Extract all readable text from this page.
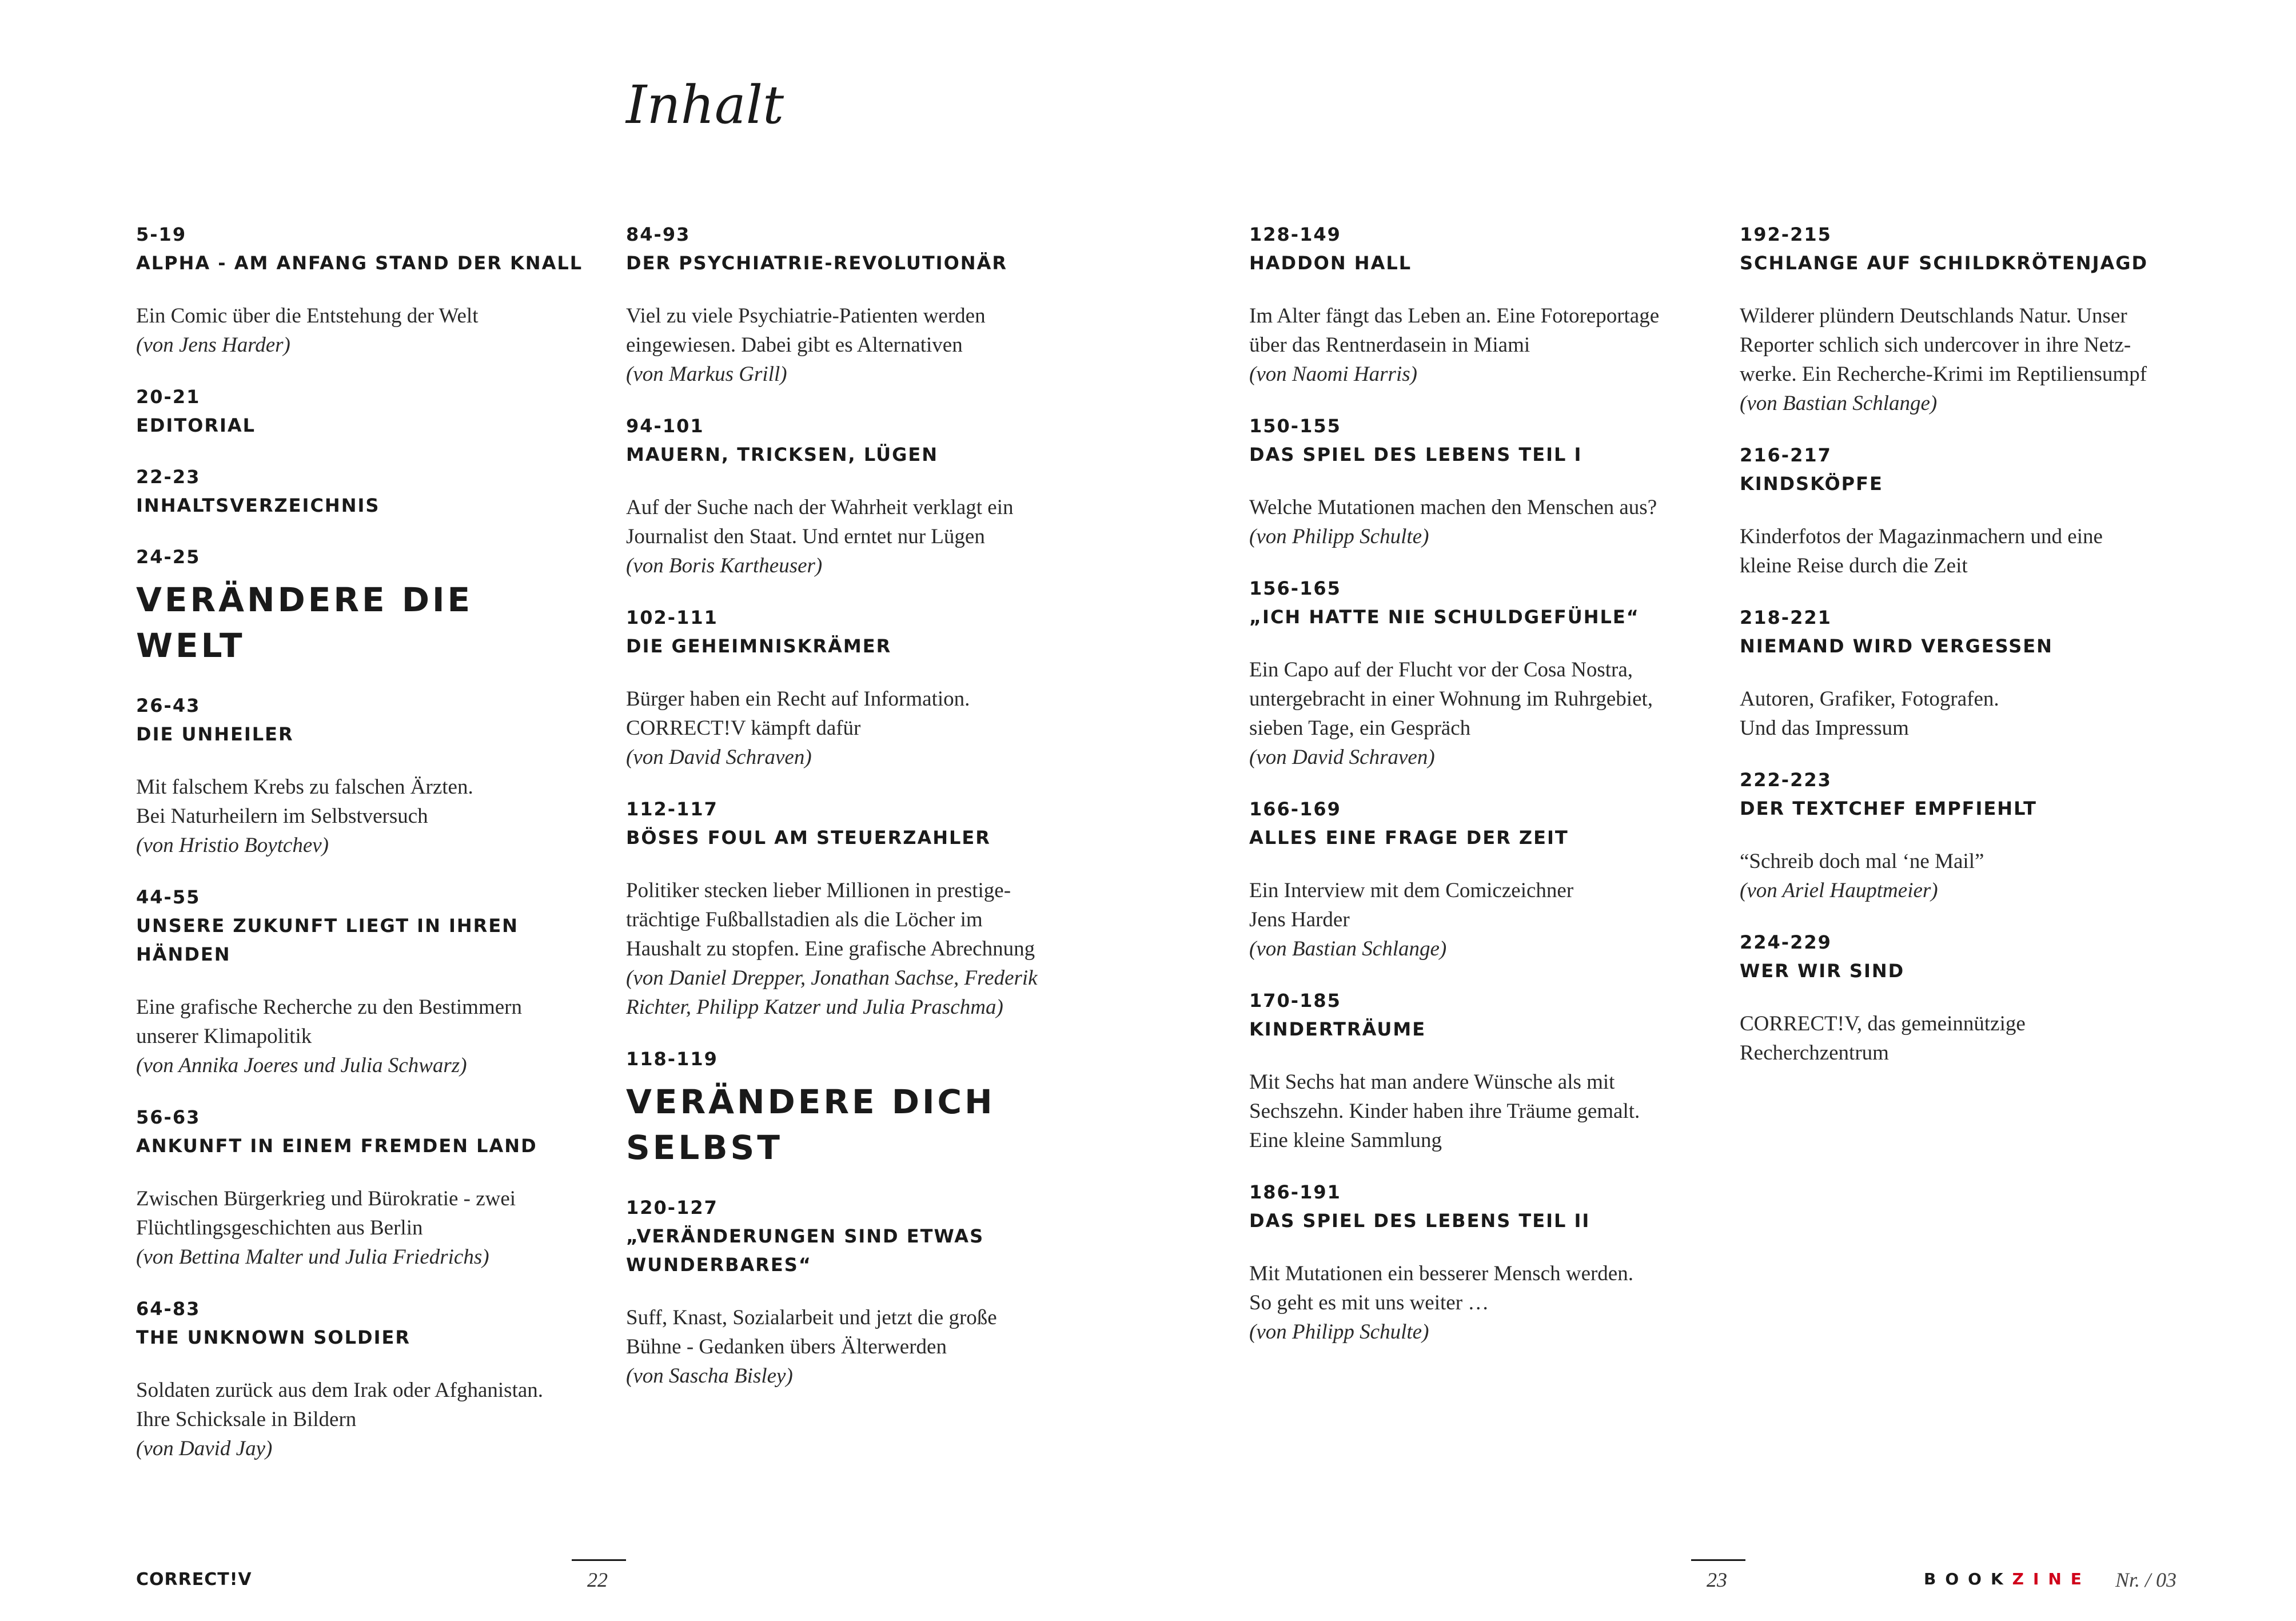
Inhalt
5-19
ALPHA - AM ANFANG STAND DER KNALL
Ein Comic über die Entstehung der Welt
(von Jens Harder)
20-21
EDITORIAL
22-23
INHALTSVERZEICHNIS
24-25
VERÄNDERE DIE WELT
26-43
DIE UNHEILER
Mit falschem Krebs zu falschen Ärzten.
Bei Naturheilern im Selbstversuch
(von Hristio Boytchev)
44-55
UNSERE ZUKUNFT LIEGT IN IHREN HÄNDEN
Eine grafische Recherche zu den Bestimmern
unserer Klimapolitik
(von Annika Joeres und Julia Schwarz)
56-63
ANKUNFT IN EINEM FREMDEN LAND
Zwischen Bürgerkrieg und Bürokratie - zwei
Flüchtlingsgeschichten aus Berlin
(von Bettina Malter und Julia Friedrichs)
64-83
THE UNKNOWN SOLDIER
Soldaten zurück aus dem Irak oder Afghanistan.
Ihre Schicksale in Bildern
(von David Jay)
84-93
DER PSYCHIATRIE-REVOLUTIONÄR
Viel zu viele Psychiatrie-Patienten werden
eingewiesen. Dabei gibt es Alternativen
(von Markus Grill)
94-101
MAUERN, TRICKSEN, LÜGEN
Auf der Suche nach der Wahrheit verklagt ein
Journalist den Staat. Und erntet nur Lügen
(von Boris Kartheuser)
102-111
DIE GEHEIMNISKRÄMER
Bürger haben ein Recht auf Information.
CORRECT!V kämpft dafür
(von David Schraven)
112-117
BÖSES FOUL AM STEUERZAHLER
Politiker stecken lieber Millionen in prestige-
trächtige Fußballstadien als die Löcher im
Haushalt zu stopfen. Eine grafische Abrechnung
(von Daniel Drepper, Jonathan Sachse, Frederik
Richter, Philipp Katzer und Julia Praschma)
118-119
VERÄNDERE DICH SELBST
120-127
„VERÄNDERUNGEN SIND ETWAS WUNDERBARES“
Suff, Knast, Sozialarbeit und jetzt die große
Bühne - Gedanken übers Älterwerden
(von Sascha Bisley)
128-149
HADDON HALL
Im Alter fängt das Leben an. Eine Fotoreportage
über das Rentnerdasein in Miami
(von Naomi Harris)
150-155
DAS SPIEL DES LEBENS TEIL I
Welche Mutationen machen den Menschen aus?
(von Philipp Schulte)
156-165
„ICH HATTE NIE SCHULDGEFÜHLE“
Ein Capo auf der Flucht vor der Cosa Nostra,
untergebracht in einer Wohnung im Ruhrgebiet,
sieben Tage, ein Gespräch
(von David Schraven)
166-169
ALLES EINE FRAGE DER ZEIT
Ein Interview mit dem Comiczeichner
Jens Harder
(von Bastian Schlange)
170-185
KINDERTRÄUME
Mit Sechs hat man andere Wünsche als mit
Sechszehn. Kinder haben ihre Träume gemalt.
Eine kleine Sammlung
186-191
DAS SPIEL DES LEBENS TEIL II
Mit Mutationen ein besserer Mensch werden.
So geht es mit uns weiter …
(von Philipp Schulte)
192-215
SCHLANGE AUF SCHILDKRÖTENJAGD
Wilderer plündern Deutschlands Natur. Unser
Reporter schlich sich undercover in ihre Netz-
werke. Ein Recherche-Krimi im Reptiliensumpf
(von Bastian Schlange)
216-217
KINDSKÖPFE
Kinderfotos der Magazinmachern und eine
kleine Reise durch die Zeit
218-221
NIEMAND WIRD VERGESSEN
Autoren, Grafiker, Fotografen.
Und das Impressum
222-223
DER TEXTCHEF EMPFIEHLT
“Schreib doch mal ‘ne Mail”
(von Ariel Hauptmeier)
224-229
WER WIR SIND
CORRECT!V, das gemeinnützige
Recherchzentrum
CORRECT!V	22	23	BOOKZINE Nr. / 03
